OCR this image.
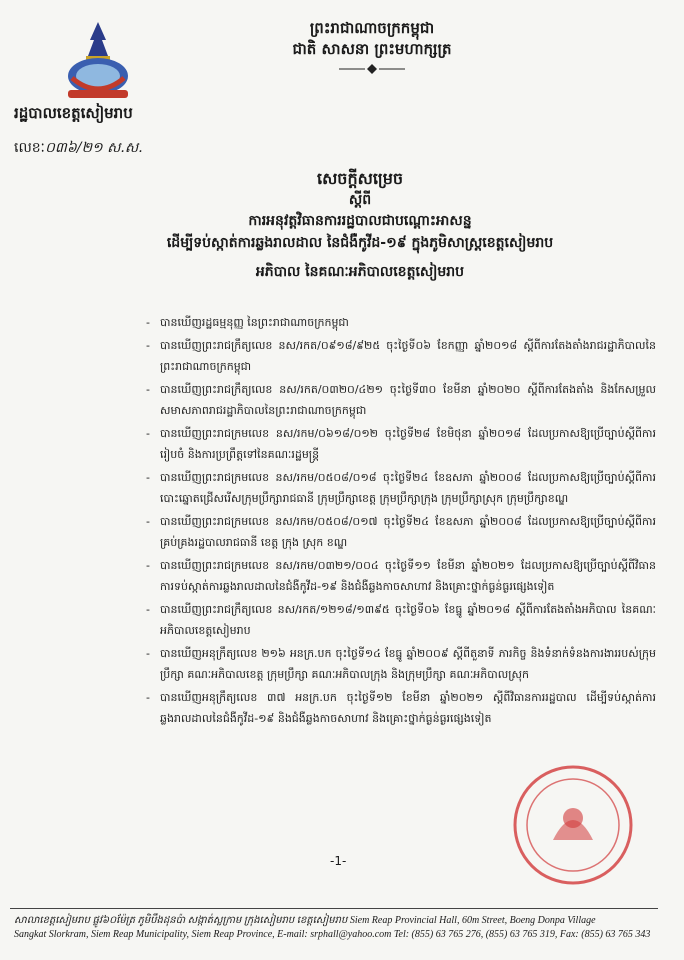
ព្រះរាជាណាចក្រកម្ពុជា
ជាតិ សាសនា ព្រះមហាក្សត្រ
រដ្ឋបាលខេត្តសៀមរាប
លេខៈ០៣៦/២១ ស.ស.
សេចក្តីសម្រេច
ស្តីពី
ការអនុវត្តវិធានការរដ្ឋបាលជាបណ្តោះអាសន្ន
ដើម្បីទប់ស្កាត់ការឆ្លងរាលដាល នៃជំងឺកូវីដ-១៩ ក្នុងភូមិសាស្ត្រខេត្តសៀមរាប
អភិបាល នៃគណៈអភិបាលខេត្តសៀមរាប
- បានឃើញរដ្ឋធម្មនុញ្ញ នៃព្រះរាជាណាចក្រកម្ពុជា
- បានឃើញព្រះរាជក្រឹត្យលេខ នស/រកត/០៩១៨/៩២៥ ចុះថ្ងៃទី០៦ ខែកញ្ញា ឆ្នាំ២០១៨ ស្តីពីការតែងតាំងរាជរដ្ឋាភិបាលនៃព្រះរាជាណាចក្រកម្ពុជា
- បានឃើញព្រះរាជក្រឹត្យលេខ នស/រកត/០៣២០/៤២១ ចុះថ្ងៃទី៣០ ខែមីនា ឆ្នាំ២០២០ ស្តីពីការតែងតាំង និងកែសម្រួលសមាសភាពរាជរដ្ឋាភិបាលនៃព្រះរាជាណាចក្រកម្ពុជា
- បានឃើញព្រះរាជក្រមលេខ នស/រកម/០៦១៨/០១២ ចុះថ្ងៃទី២៨ ខែមិថុនា ឆ្នាំ២០១៨ ដែលប្រកាសឱ្យប្រើច្បាប់ស្តីពីការរៀបចំ និងការប្រព្រឹត្តទៅនៃគណៈរដ្ឋមន្ត្រី
- បានឃើញព្រះរាជក្រមលេខ នស/រកម/០៥០៨/០១៨ ចុះថ្ងៃទី២៤ ខែឧសភា ឆ្នាំ២០០៨ ដែលប្រកាសឱ្យប្រើច្បាប់ស្តីពីការបោះឆ្នោតជ្រើសរើសក្រុមប្រឹក្សារាជធានី ក្រុមប្រឹក្សាខេត្ត ក្រុមប្រឹក្សាក្រុង ក្រុមប្រឹក្សាស្រុក ក្រុមប្រឹក្សាខណ្ឌ
- បានឃើញព្រះរាជក្រមលេខ នស/រកម/០៥០៨/០១៧ ចុះថ្ងៃទី២៤ ខែឧសភា ឆ្នាំ២០០៨ ដែលប្រកាសឱ្យប្រើច្បាប់ស្តីពីការគ្រប់គ្រងរដ្ឋបាលរាជធានី ខេត្ត ក្រុង ស្រុក ខណ្ឌ
- បានឃើញព្រះរាជក្រមលេខ នស/រកម/០៣២១/០០៤ ចុះថ្ងៃទី១១ ខែមីនា ឆ្នាំ២០២១ ដែលប្រកាសឱ្យប្រើច្បាប់ស្តីពីវិធានការទប់ស្កាត់ការឆ្លងរាលដាលនៃជំងឺកូវីដ-១៩ និងជំងឺឆ្លងកាចសាហាវ និងគ្រោះថ្នាក់ធ្ងន់ធ្ងរផ្សេងទៀត
- បានឃើញព្រះរាជក្រឹត្យលេខ នស/រកត/១២១៨/១៣៩៥ ចុះថ្ងៃទី០៦ ខែធ្នូ ឆ្នាំ២០១៨ ស្តីពីការតែងតាំងអភិបាល នៃគណៈអភិបាលខេត្តសៀមរាប
- បានឃើញអនុក្រឹត្យលេខ ២១៦ អនក្រ.បក ចុះថ្ងៃទី១៤ ខែធ្នូ ឆ្នាំ២០០៩ ស្តីពីតួនាទី ភារកិច្ច និងទំនាក់ទំនងការងាររបស់ក្រុមប្រឹក្សា គណៈអភិបាលខេត្ត ក្រុមប្រឹក្សា គណៈអភិបាលក្រុង និងក្រុមប្រឹក្សា គណៈអភិបាលស្រុក
- បានឃើញអនុក្រឹត្យលេខ ៣៧ អនក្រ.បក ចុះថ្ងៃទី១២ ខែមីនា ឆ្នាំ២០២១ ស្តីពីវិធានការរដ្ឋបាល ដើម្បីទប់ស្កាត់ការឆ្លងរាលដាលនៃជំងឺកូវីដ-១៩ និងជំងឺឆ្លងកាចសាហាវ និងគ្រោះថ្នាក់ធ្ងន់ធ្ងរផ្សេងទៀត
-1-
សាលាខេត្តសៀមរាប ផ្លូវ៦០ម៉ែត្រ ភូមិបឹងដុនប៉ា សង្កាត់ស្លក្រាម ក្រុងសៀមរាប ខេត្តសៀមរាប Siem Reap Provincial Hall, 60m Street, Boeng Donpa Village
Sangkat Slorkram, Siem Reap Municipality, Siem Reap Province, E-mail: srphall@yahoo.com Tel: (855) 63 765 276, (855) 63 765 319, Fax: (855) 63 765 343
